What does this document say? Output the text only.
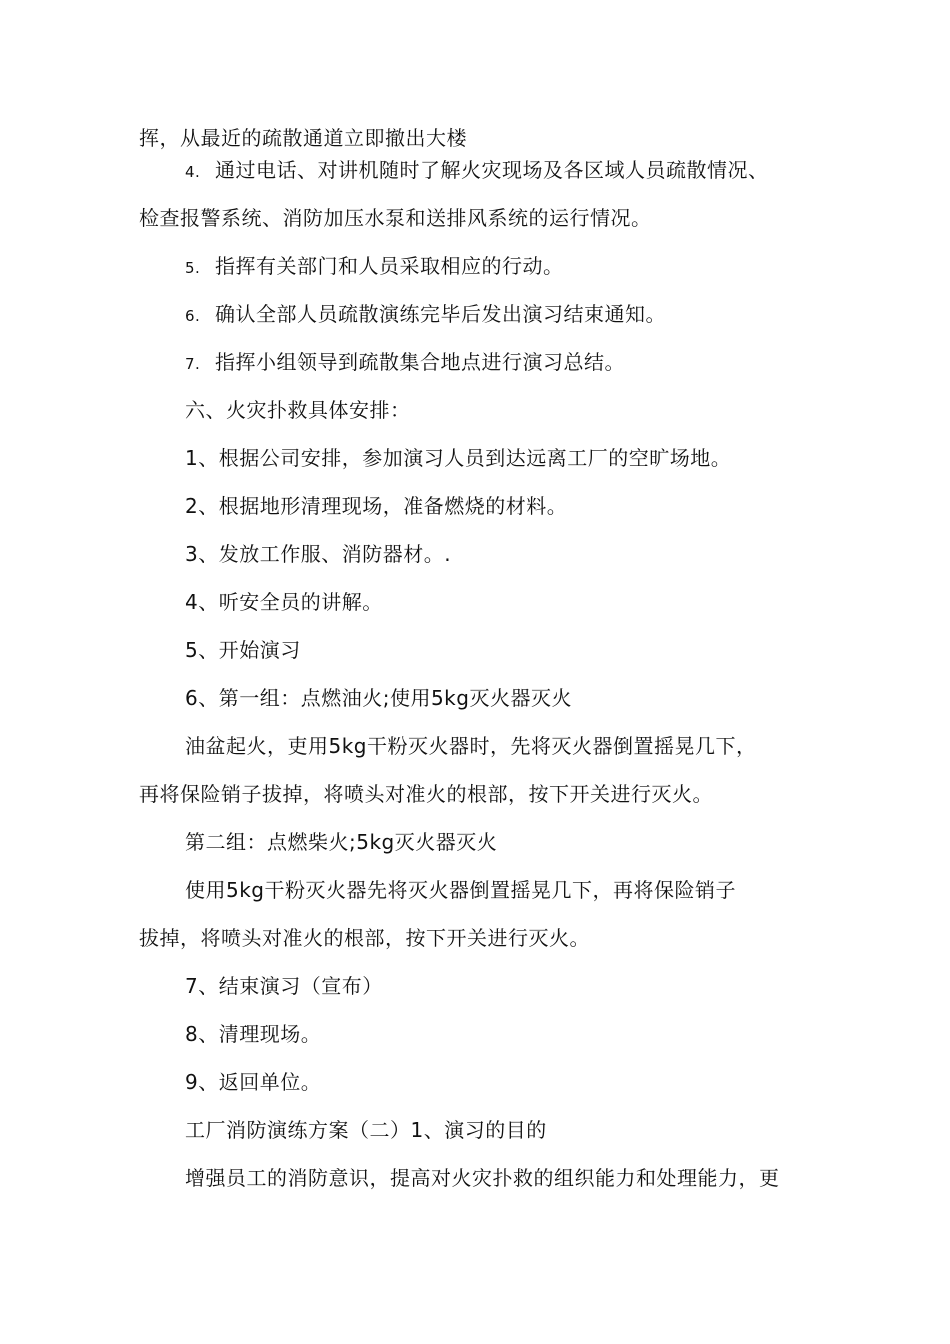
挥，从最近的疏散通道立即撤出大楼
4. 通过电话、对讲机随时了解火灾现场及各区域人员疏散情况、
检查报警系统、消防加压水泵和送排风系统的运行情况。
5. 指挥有关部门和人员采取相应的行动。
6. 确认全部人员疏散演练完毕后发出演习结束通知。
7. 指挥小组领导到疏散集合地点进行演习总结。
六、火灾扑救具体安排：
1、根据公司安排，参加演习人员到达远离工厂的空旷场地。
2、根据地形清理现场，准备燃烧的材料。
3、发放工作服、消防器材。.
4、听安全员的讲解。
5、开始演习
6、第一组：点燃油火;使用5kg灭火器灭火
油盆起火，吏用5kg干粉灭火器时，先将灭火器倒置摇晃几下，
再将保险销子拔掉，将喷头对准火的根部，按下开关进行灭火。
第二组：点燃柴火;5kg灭火器灭火
使用5kg干粉灭火器先将灭火器倒置摇晃几下，再将保险销子
拔掉，将喷头对准火的根部，按下开关进行灭火。
7、结束演习（宣布）
8、清理现场。
9、返回单位。
工厂消防演练方案（二）1、演习的目的
增强员工的消防意识，提高对火灾扑救的组织能力和处理能力，更
